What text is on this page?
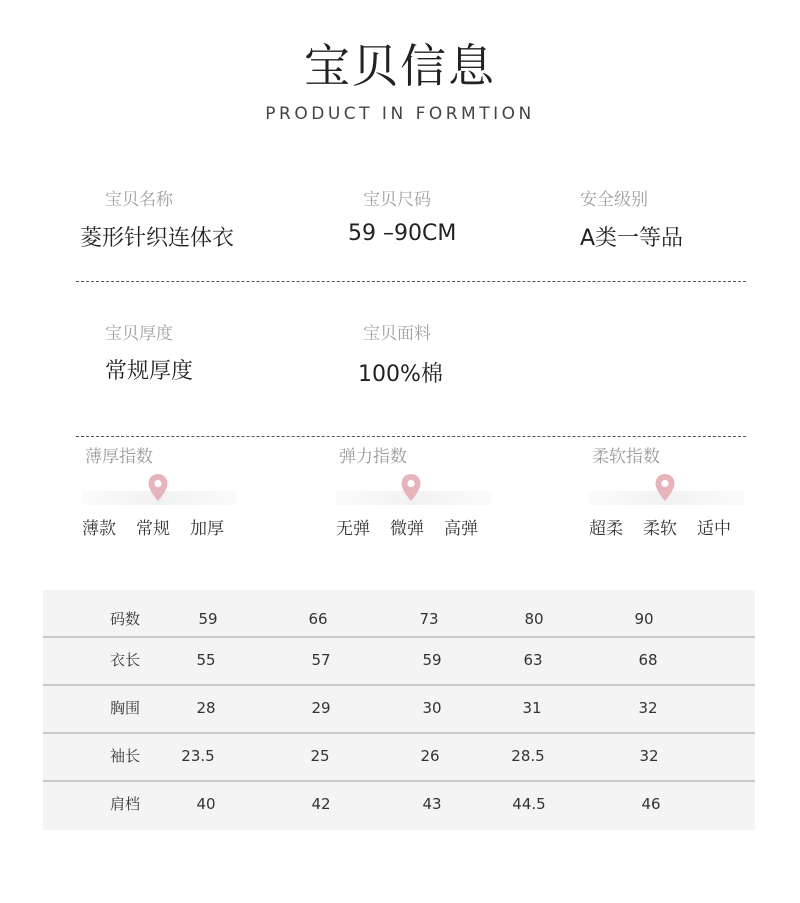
宝贝信息
PRODUCT IN FORMTION
宝贝名称
菱形针织连体衣
宝贝尺码
59 –90CM
安全级别
A类一等品
宝贝厚度
常规厚度
宝贝面料
100%棉
薄厚指数
薄款 常规 加厚
弹力指数
无弹 微弹 高弹
柔软指数
超柔 柔软 适中
码数	59	66	73	80	90
衣长	55	57	59	63	68
胸围	28	29	30	31	32
袖长	23.5	25	26	28.5	32
肩档	40	42	43	44.5	46
